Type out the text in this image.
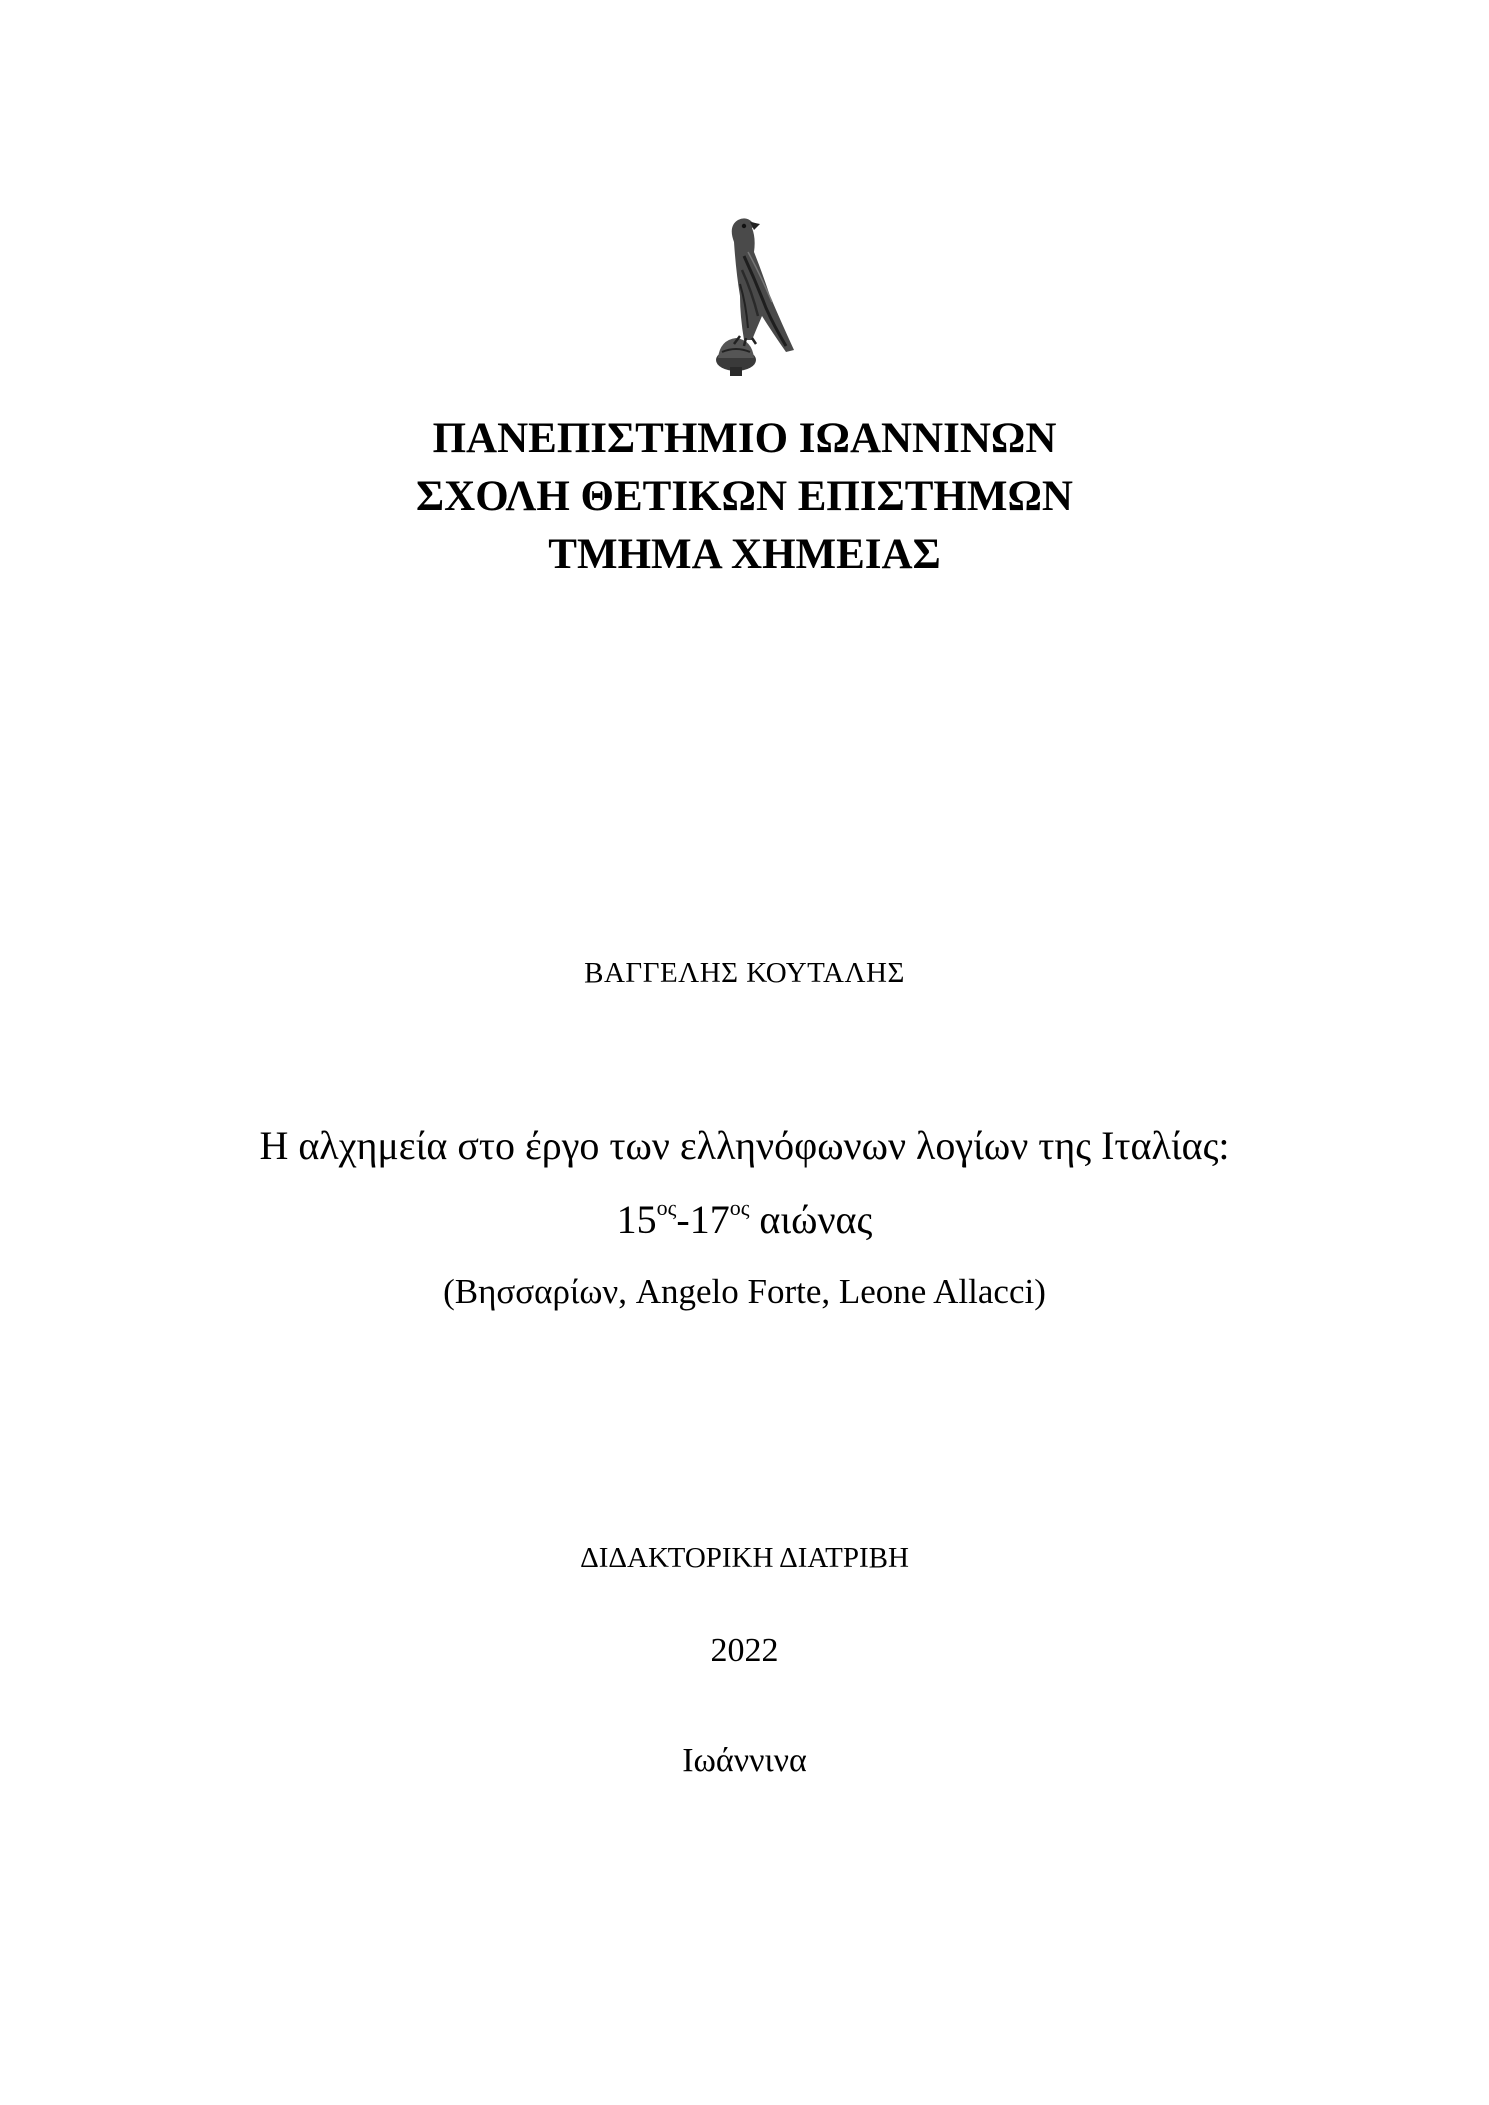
ΠΑΝΕΠΙΣΤΗΜΙΟ ΙΩΑΝΝΙΝΩΝ
ΣΧΟΛΗ ΘΕΤΙΚΩΝ ΕΠΙΣΤΗΜΩΝ
ΤΜΗΜΑ ΧΗΜΕΙΑΣ
ΒΑΓΓΕΛΗΣ ΚΟΥΤΑΛΗΣ
Η αλχημεία στο έργο των ελληνόφωνων λογίων της Ιταλίας:
$15^{o\varsigma}-17^{o\varsigma}$ αιώνας
(Βησσαρίων, Angelo Forte, Leone Allacci)
ΔΙΔΑΚΤΟΡΙΚΗ ΔΙΑΤΡΙΒΗ
2022
Ιωάννινα
